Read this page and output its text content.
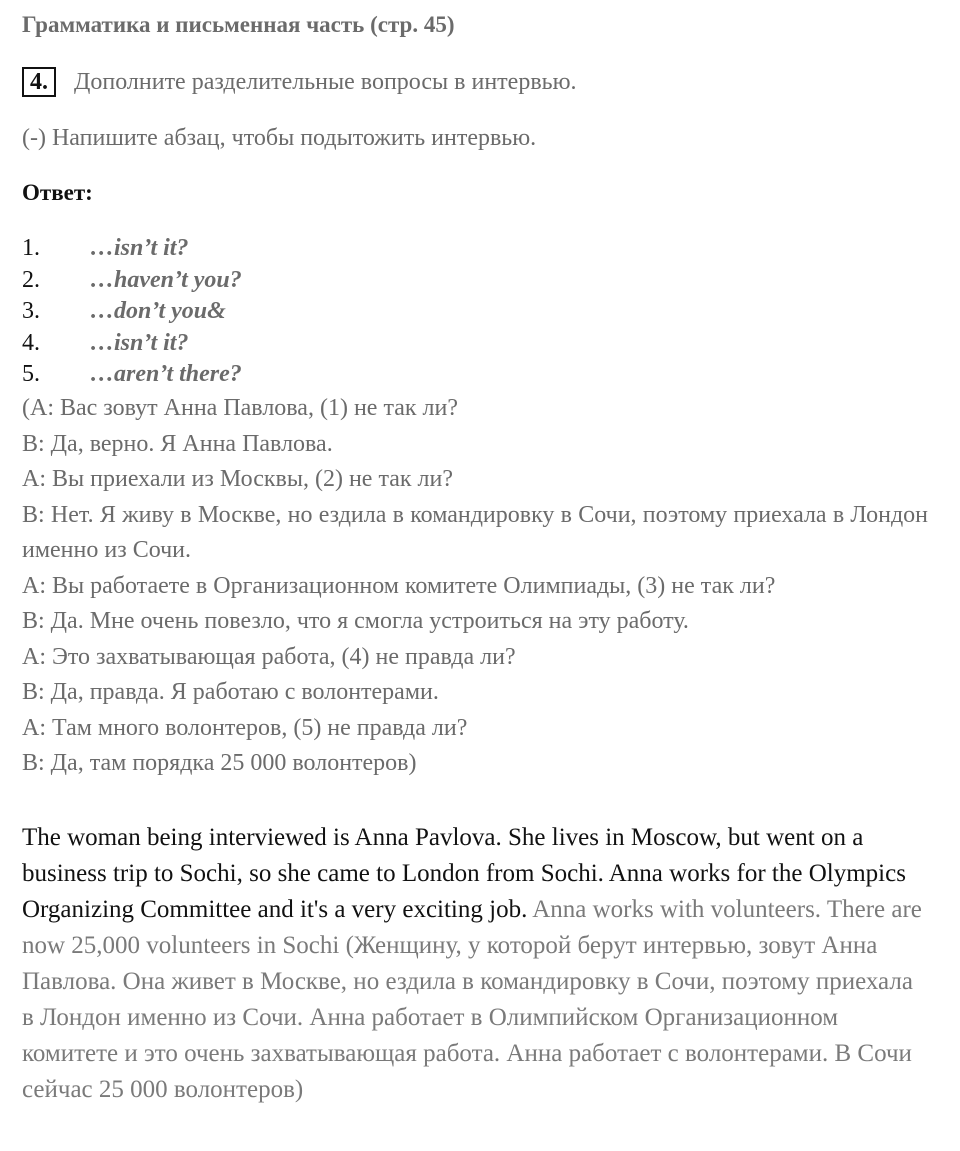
Грамматика и письменная часть (стр. 45)
4.	Дополните разделительные вопросы в интервью.
(-) Напишите абзац, чтобы подытожить интервью.
Ответ:
1.	…isn’t it?
2.	…haven’t you?
3.	…don’t you&
4.	…isn’t it?
5.	…aren’t there?

(А: Вас зовут Анна Павлова, (1) не так ли?

В: Да, верно. Я Анна Павлова.

А: Вы приехали из Москвы, (2) не так ли?

В: Нет. Я живу в Москве, но ездила в командировку в Сочи, поэтому приехала в Лондон именно из Сочи.

А: Вы работаете в Организационном комитете Олимпиады, (3) не так ли?

В: Да. Мне очень повезло, что я смогла устроиться на эту работу.

А: Это захватывающая работа, (4) не правда ли?

В: Да, правда. Я работаю с волонтерами.

А: Там много волонтеров, (5) не правда ли?

В: Да, там порядка 25 000 волонтеров)

The woman being interviewed is Anna Pavlova. She lives in Moscow, but went on a business trip to Sochi, so she came to London from Sochi. Anna works for the Olympics Organizing Committee and it's a very exciting job. Anna works with volunteers. There are now 25,000 volunteers in Sochi (Женщину, у которой берут интервью, зовут Анна Павлова. Она живет в Москве, но ездила в командировку в Сочи, поэтому приехала в Лондон именно из Сочи. Анна работает в Олимпийском Организационном комитете и это очень захватывающая работа. Анна работает с волонтерами. В Сочи сейчас 25 000 волонтеров)
